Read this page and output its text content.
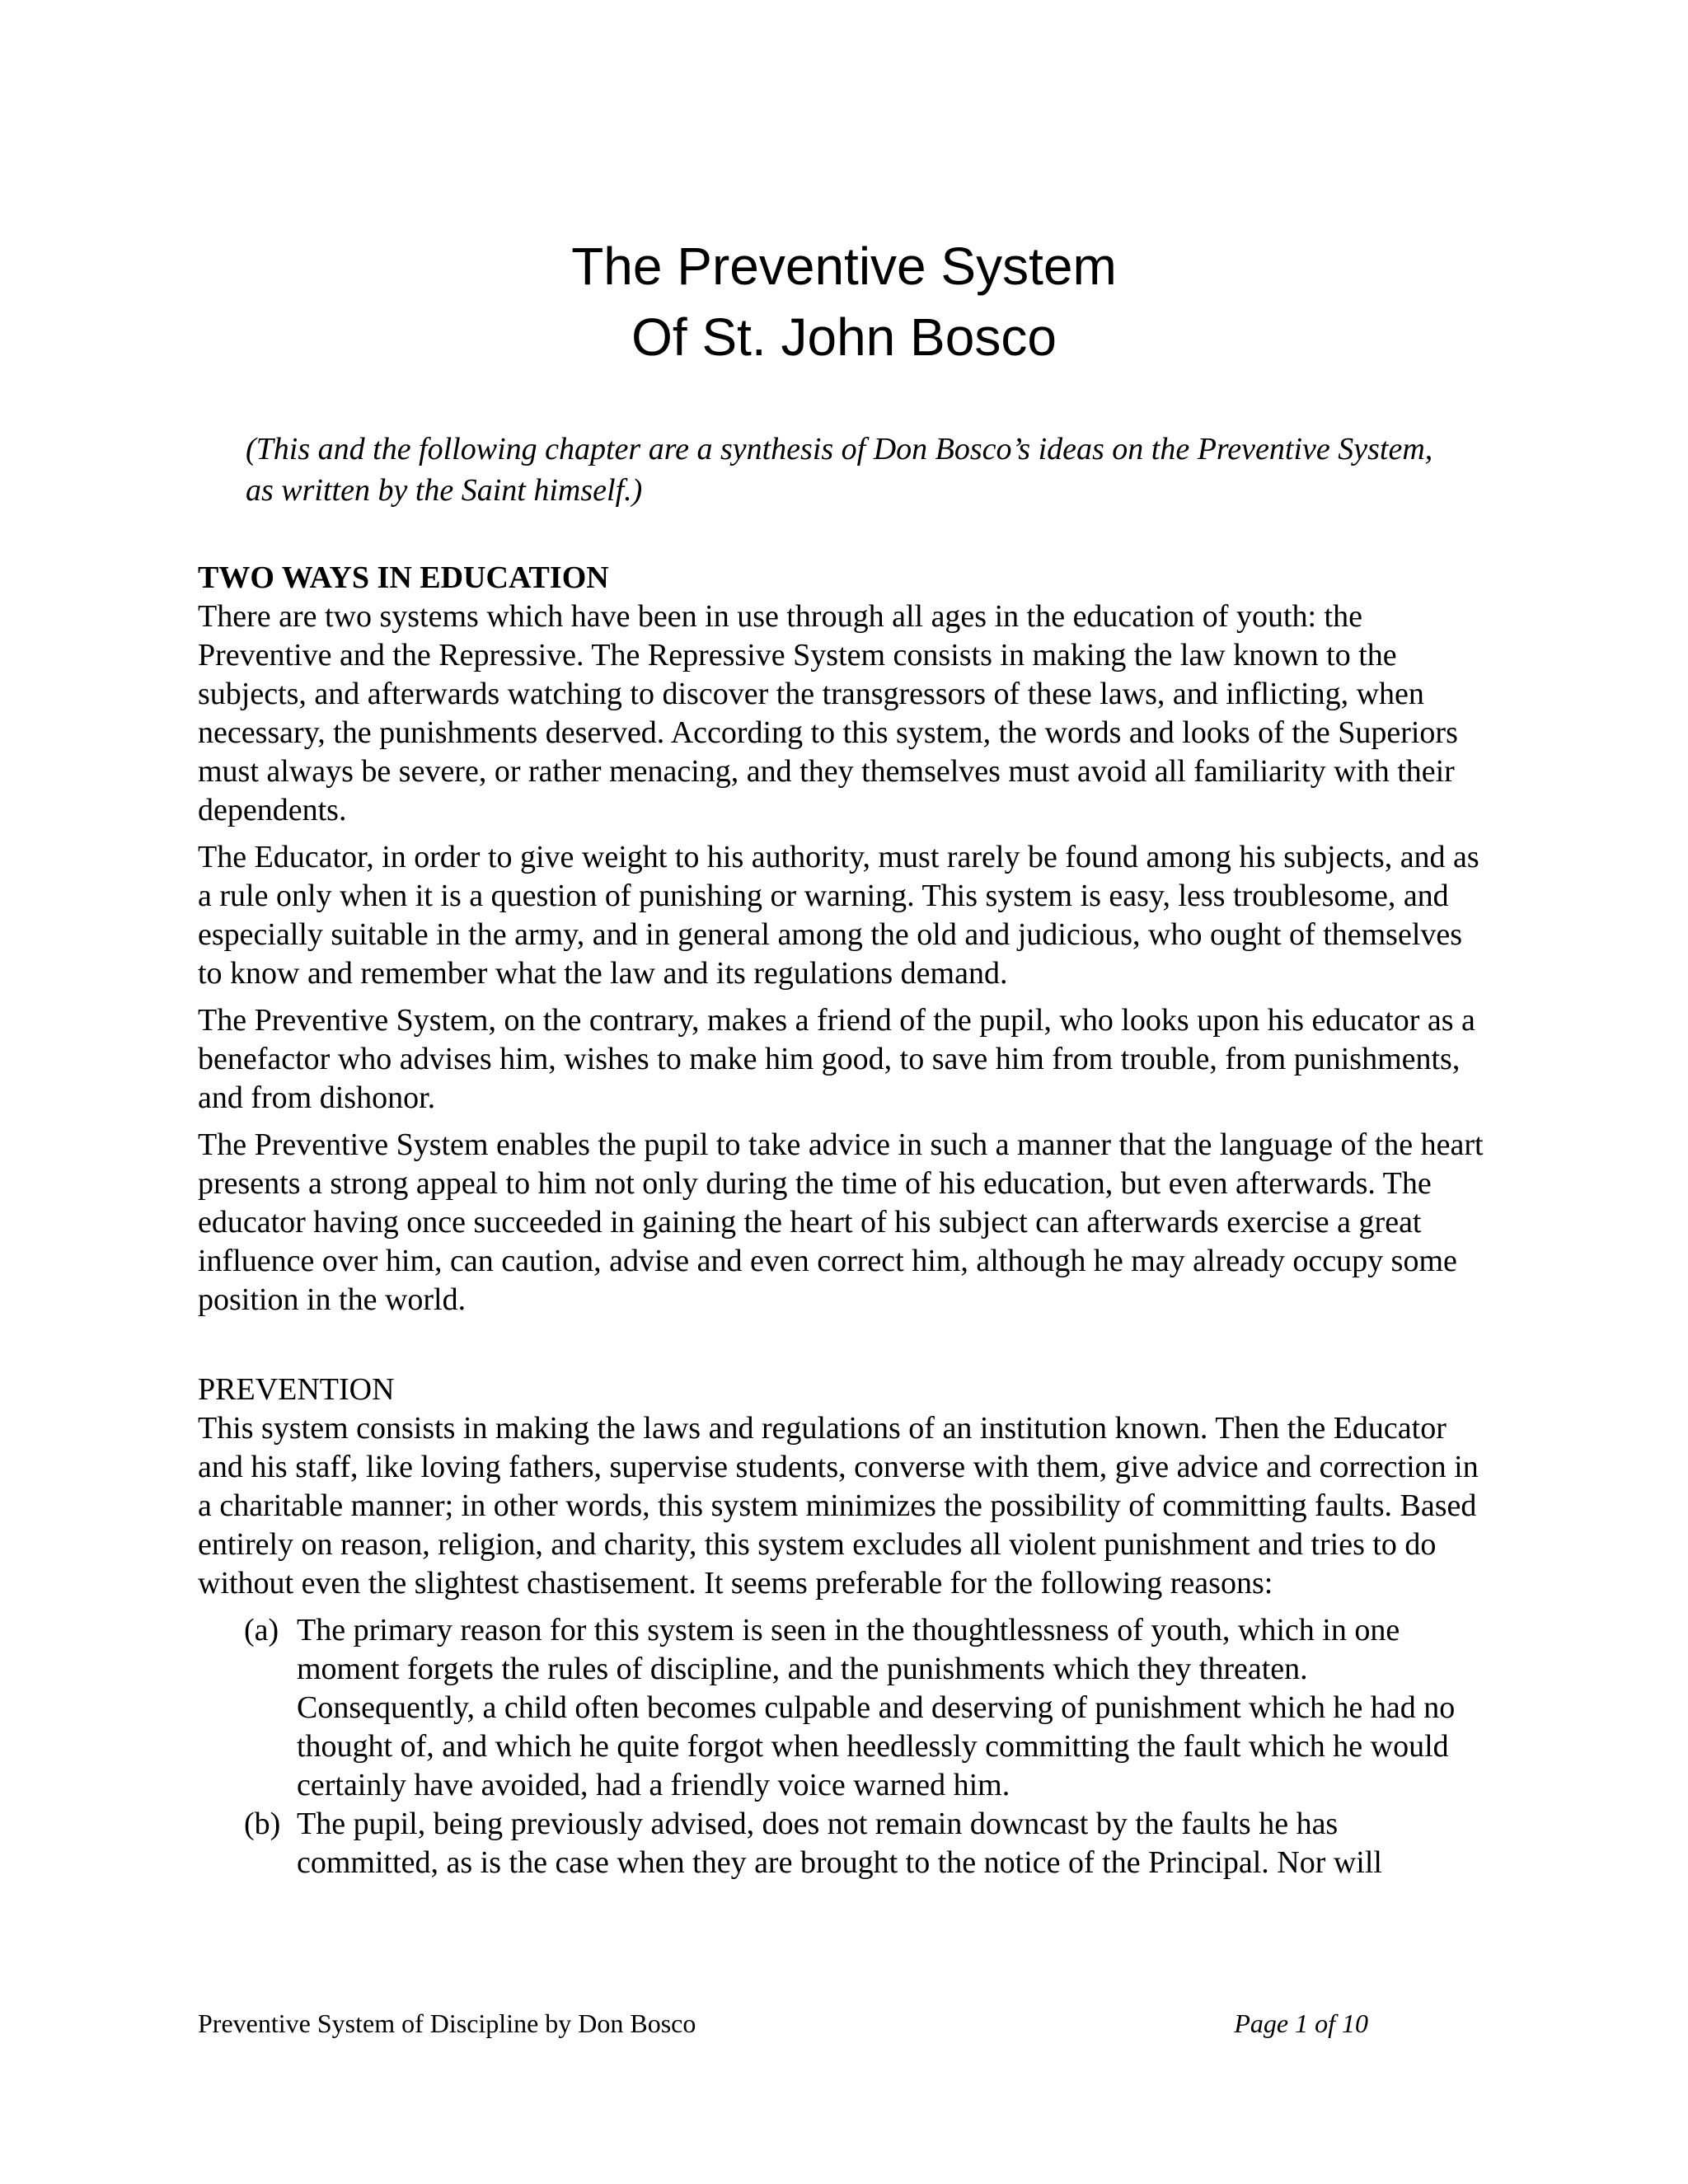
The Preventive System
Of St. John Bosco

(This and the following chapter are a synthesis of Don Bosco’s ideas on the Preventive System, as written by the Saint himself.)

TWO WAYS IN EDUCATION

There are two systems which have been in use through all ages in the education of youth: the Preventive and the Repressive. The Repressive System consists in making the law known to the subjects, and afterwards watching to discover the transgressors of these laws, and inflicting, when necessary, the punishments deserved. According to this system, the words and looks of the Superiors must always be severe, or rather menacing, and they themselves must avoid all familiarity with their dependents.

The Educator, in order to give weight to his authority, must rarely be found among his subjects, and as a rule only when it is a question of punishing or warning. This system is easy, less troublesome, and especially suitable in the army, and in general among the old and judicious, who ought of themselves to know and remember what the law and its regulations demand.

The Preventive System, on the contrary, makes a friend of the pupil, who looks upon his educator as a benefactor who advises him, wishes to make him good, to save him from trouble, from punishments, and from dishonor.

The Preventive System enables the pupil to take advice in such a manner that the language of the heart presents a strong appeal to him not only during the time of his education, but even afterwards. The educator having once succeeded in gaining the heart of his subject can afterwards exercise a great influence over him, can caution, advise and even correct him, although he may already occupy some position in the world.

PREVENTION

This system consists in making the laws and regulations of an institution known. Then the Educator and his staff, like loving fathers, supervise students, converse with them, give advice and correction in a charitable manner; in other words, this system minimizes the possibility of committing faults. Based entirely on reason, religion, and charity, this system excludes all violent punishment and tries to do without even the slightest chastisement. It seems preferable for the following reasons:

(a) The primary reason for this system is seen in the thoughtlessness of youth, which in one moment forgets the rules of discipline, and the punishments which they threaten. Consequently, a child often becomes culpable and deserving of punishment which he had no thought of, and which he quite forgot when heedlessly committing the fault which he would certainly have avoided, had a friendly voice warned him.
(b) The pupil, being previously advised, does not remain downcast by the faults he has committed, as is the case when they are brought to the notice of the Principal. Nor will
Preventive System of Discipline by Don Bosco	Page 1 of 10
